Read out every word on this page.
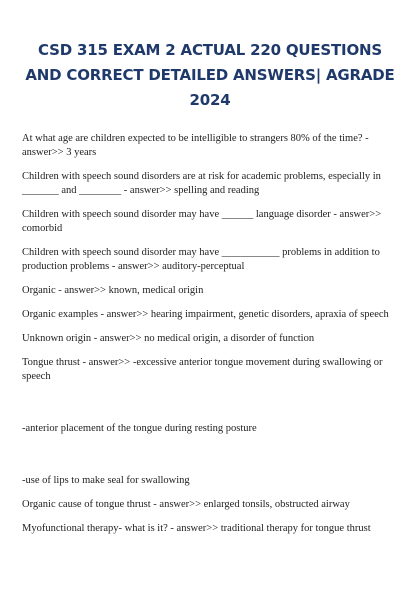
CSD 315 EXAM 2 ACTUAL 220 QUESTIONS AND CORRECT DETAILED ANSWERS| AGRADE 2024

At what age are children expected to be intelligible to strangers 80% of the time? - answer>> 3 years

Children with speech sound disorders are at risk for academic problems, especially in _______ and ________ - answer>> spelling and reading

Children with speech sound disorder may have ______ language disorder - answer>> comorbid

Children with speech sound disorder may have ___________ problems in addition to production problems - answer>> auditory-perceptual

Organic - answer>> known, medical origin

Organic examples - answer>> hearing impairment, genetic disorders, apraxia of speech

Unknown origin - answer>> no medical origin, a disorder of function

Tongue thrust - answer>> -excessive anterior tongue movement during swallowing or speech

-anterior placement of the tongue during resting posture

-use of lips to make seal for swallowing

Organic cause of tongue thrust - answer>> enlarged tonsils, obstructed airway

Myofunctional therapy- what is it? - answer>> traditional therapy for tongue thrust
